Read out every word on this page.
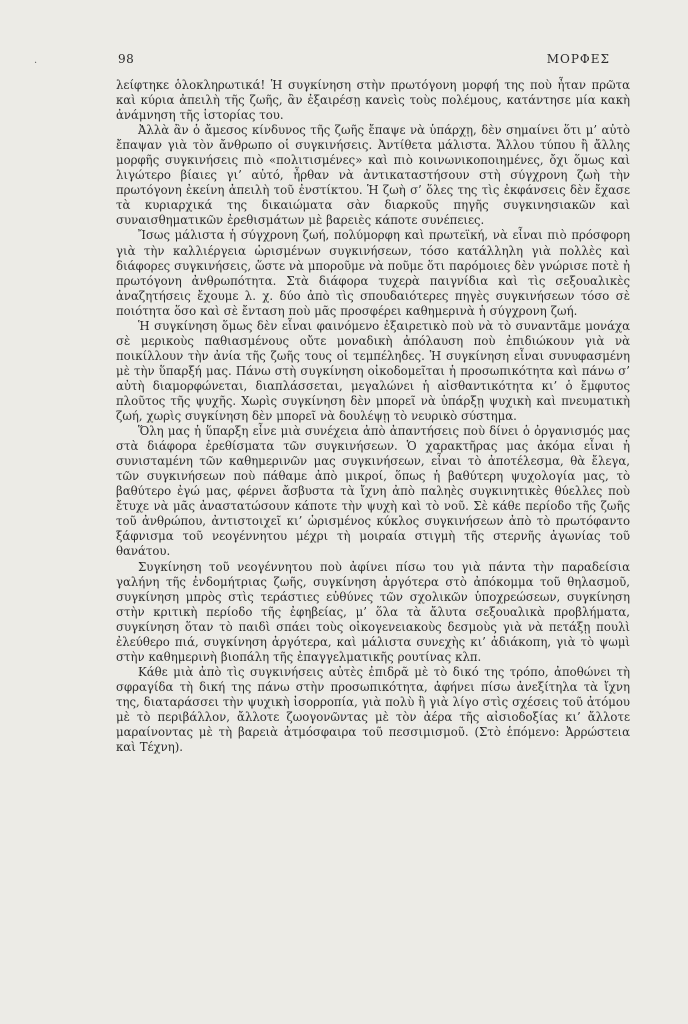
·	98	ΜΟΡΦΕΣ

λείφτηκε ὁλοκληρωτικά! Ἡ συγκίνηση στὴν πρωτόγονη μορφή της ποὺ ἦταν πρῶτα καὶ κύρια ἀπειλὴ τῆς ζωῆς, ἂν ἐξαιρέσῃ κανεὶς τοὺς πολέμους, κατάντησε μία κακὴ ἀνάμνηση τῆς ἱστορίας του.

Ἀλλὰ ἂν ὁ ἄμεσος κίνδυνος τῆς ζωῆς ἔπαψε νὰ ὑπάρχῃ, δὲν σημαίνει ὅτι μ’ αὐτὸ ἔπαψαν γιὰ τὸν ἄνθρωπο οἱ συγκινήσεις. Ἀντίθετα μάλιστα. Ἄλλου τύπου ἢ ἄλλης μορφῆς συγκινήσεις πιὸ «πολιτισμένες» καὶ πιὸ κοινωνικοποιημένες, ὄχι ὅμως καὶ λιγώτερο βίαιες γι’ αὐτό, ἦρθαν νὰ ἀντικαταστήσουν στὴ σύγχρονη ζωὴ τὴν πρωτόγονη ἐκείνη ἀπειλὴ τοῦ ἐνστίκτου. Ἡ ζωὴ σ’ ὅλες της τὶς ἐκφάνσεις δὲν ἔχασε τὰ κυριαρχικά της δικαιώματα σὰν διαρκοῦς πηγῆς συγκινησιακῶν καὶ συναισθηματικῶν ἐρεθισμάτων μὲ βαρειὲς κάποτε συνέπειες.

Ἴσως μάλιστα ἡ σύγχρονη ζωή, πολύμορφη καὶ πρωτεϊκή, νὰ εἶναι πιὸ πρόσφορη γιὰ τὴν καλλιέργεια ὡρισμένων συγκινήσεων, τόσο κατάλληλη γιὰ πολλὲς καὶ διάφορες συγκινήσεις, ὥστε νὰ μποροῦμε νὰ ποῦμε ὅτι παρόμοιες δὲν γνώρισε ποτὲ ἡ πρωτόγονη ἀνθρωπότητα. Στὰ διάφορα τυχερὰ παιγνίδια καὶ τὶς σεξουαλικὲς ἀναζητήσεις ἔχουμε λ. χ. δύο ἀπὸ τὶς σπουδαιότερες πηγὲς συγκινήσεων τόσο σὲ ποιότητα ὅσο καὶ σὲ ἔνταση ποὺ μᾶς προσφέρει καθημερινὰ ἡ σύγχρονη ζωή.

Ἡ συγκίνηση ὅμως δὲν εἶναι φαινόμενο ἐξαιρετικὸ ποὺ νὰ τὸ συναντᾶμε μονάχα σὲ μερικοὺς παθιασμένους οὔτε μοναδικὴ ἀπόλαυση ποὺ ἐπιδιώκουν γιὰ νὰ ποικίλλουν τὴν ἀνία τῆς ζωῆς τους οἱ τεμπέληδες. Ἡ συγκίνηση εἶναι συνυφασμένη μὲ τὴν ὕπαρξή μας. Πάνω στὴ συγκίνηση οἰκοδομεῖται ἡ προσωπικότητα καὶ πάνω σ’ αὐτὴ διαμορφώνεται, διαπλάσσεται, μεγαλώνει ἡ αἰσθαντικότητα κι’ ὁ ἔμφυτος πλοῦτος τῆς ψυχῆς. Χωρὶς συγκίνηση δὲν μπορεῖ νὰ ὑπάρξῃ ψυχικὴ καὶ πνευματικὴ ζωή, χωρὶς συγκίνηση δὲν μπορεῖ νὰ δουλέψῃ τὸ νευρικὸ σύστημα.

Ὅλη μας ἡ ὕπαρξη εἶνε μιὰ συνέχεια ἀπὸ ἀπαντήσεις ποὺ δίνει ὁ ὀργανισμός μας στὰ διάφορα ἐρεθίσματα τῶν συγκινήσεων. Ὁ χαρακτῆρας μας ἀκόμα εἶναι ἡ συνισταμένη τῶν καθημερινῶν μας συγκινήσεων, εἶναι τὸ ἀποτέλεσμα, θὰ ἔλεγα, τῶν συγκινήσεων ποὺ πάθαμε ἀπὸ μικροί, ὅπως ἡ βαθύτερη ψυχολογία μας, τὸ βαθύτερο ἐγώ μας, φέρνει ἄσβυστα τὰ ἴχνη ἀπὸ παληὲς συγκινητικὲς θύελλες ποὺ ἔτυχε νὰ μᾶς ἀναστατώσουν κάποτε τὴν ψυχὴ καὶ τὸ νοῦ. Σὲ κάθε περίοδο τῆς ζωῆς τοῦ ἀνθρώπου, ἀντιστοιχεῖ κι’ ὡρισμένος κύκλος συγκινήσεων ἀπὸ τὸ πρωτόφαντο ξάφνισμα τοῦ νεογέννητου μέχρι τὴ μοιραία στιγμὴ τῆς στερνῆς ἀγωνίας τοῦ θανάτου.

Συγκίνηση τοῦ νεογέννητου ποὺ ἀφίνει πίσω του γιὰ πάντα τὴν παραδείσια γαλήνη τῆς ἐνδομήτριας ζωῆς, συγκίνηση ἀργότερα στὸ ἀπόκομμα τοῦ θηλασμοῦ, συγκίνηση μπρὸς στὶς τεράστιες εὐθύνες τῶν σχολικῶν ὑποχρεώσεων, συγκίνηση στὴν κριτικὴ περίοδο τῆς ἐφηβείας, μ’ ὅλα τὰ ἄλυτα σεξουαλικὰ προβλήματα, συγκίνηση ὅταν τὸ παιδὶ σπάει τοὺς οἰκογενειακοὺς δεσμοὺς γιὰ νὰ πετάξῃ πουλὶ ἐλεύθερο πιά, συγκίνηση ἀργότερα, καὶ μάλιστα συνεχὴς κι’ ἀδιάκοπη, γιὰ τὸ ψωμὶ στὴν καθημερινὴ βιοπάλη τῆς ἐπαγγελματικῆς ρουτίνας κλπ.

Κάθε μιὰ ἀπὸ τὶς συγκινήσεις αὐτὲς ἐπιδρᾶ μὲ τὸ δικό της τρόπο, ἀποθώνει τὴ σφραγίδα τὴ δική της πάνω στὴν προσωπικότητα, ἀφήνει πίσω ἀνεξίτηλα τὰ ἴχνη της, διαταράσσει τὴν ψυχικὴ ἰσορροπία, γιὰ πολὺ ἢ γιὰ λίγο στὶς σχέσεις τοῦ ἀτόμου μὲ τὸ περιβάλλον, ἄλλοτε ζωογονῶντας μὲ τὸν ἀέρα τῆς αἰσιοδοξίας κι’ ἄλλοτε μαραίνοντας μὲ τὴ βαρειὰ ἀτμόσφαιρα τοῦ πεσσιμισμοῦ. (Στὸ ἑπόμενο: Ἀρρώστεια καὶ Τέχνη).
